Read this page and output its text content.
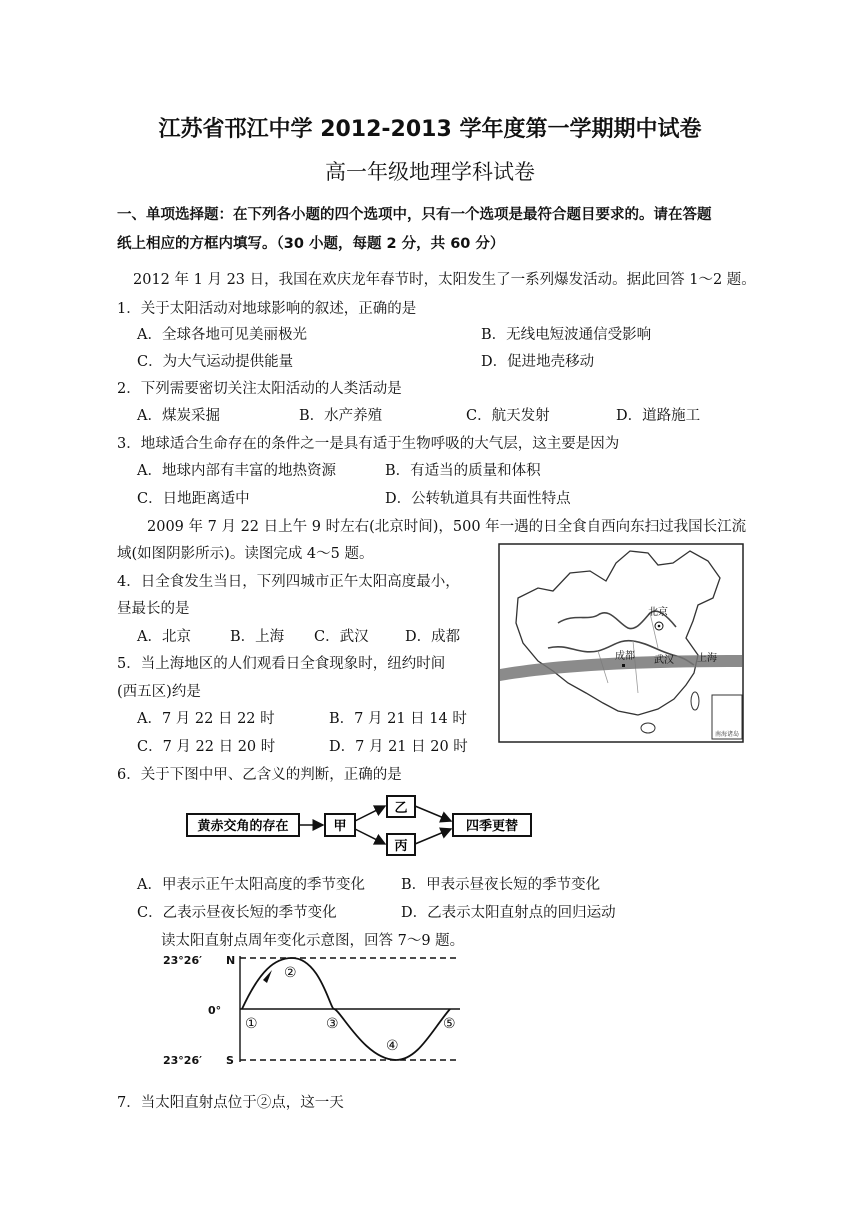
江苏省邗江中学 2012-2013 学年度第一学期期中试卷
高一年级地理学科试卷
一、单项选择题：在下列各小题的四个选项中，只有一个选项是最符合题目要求的。请在答题
纸上相应的方框内填写。（30 小题，每题 2 分，共 60 分）
2012 年 1 月 23 日，我国在欢庆龙年春节时，太阳发生了一系列爆发活动。据此回答 1～2 题。
1．关于太阳活动对地球影响的叙述，正确的是
A．全球各地可见美丽极光	B．无线电短波通信受影响
C．为大气运动提供能量	D．促进地壳移动
2．下列需要密切关注太阳活动的人类活动是
A．煤炭采掘	B．水产养殖	C．航天发射	D．道路施工
3．地球适合生命存在的条件之一是具有适于生物呼吸的大气层，这主要是因为
A．地球内部有丰富的地热资源	B．有适当的质量和体积
C．日地距离适中	D．公转轨道具有共面性特点
2009 年 7 月 22 日上午 9 时左右(北京时间)，500 年一遇的日全食自西向东扫过我国长江流
域(如图阴影所示)。读图完成 4～5 题。
4．日全食发生当日，下列四城市正午太阳高度最小，
昼最长的是
A．北京	B．上海 C．武汉	D．成都
5．当上海地区的人们观看日全食现象时，纽约时间
(西五区)约是
A．7 月 22 日 22 时	B．7 月 21 日 14 时
C．7 月 22 日 20 时	D．7 月 21 日 20 时
南海诸岛
北京
成都 武汉 上海
6．关于下图中甲、乙含义的判断，正确的是
黄赤交角的存在	甲
乙
丙
四季更替
A．甲表示正午太阳高度的季节变化 B．甲表示昼夜长短的季节变化
C．乙表示昼夜长短的季节变化	D．乙表示太阳直射点的回归运动
读太阳直射点周年变化示意图，回答 7～9 题。
23°26′ N
0°
23°26′ S
①
②
③
④
⑤
7．当太阳直射点位于②点，这一天
